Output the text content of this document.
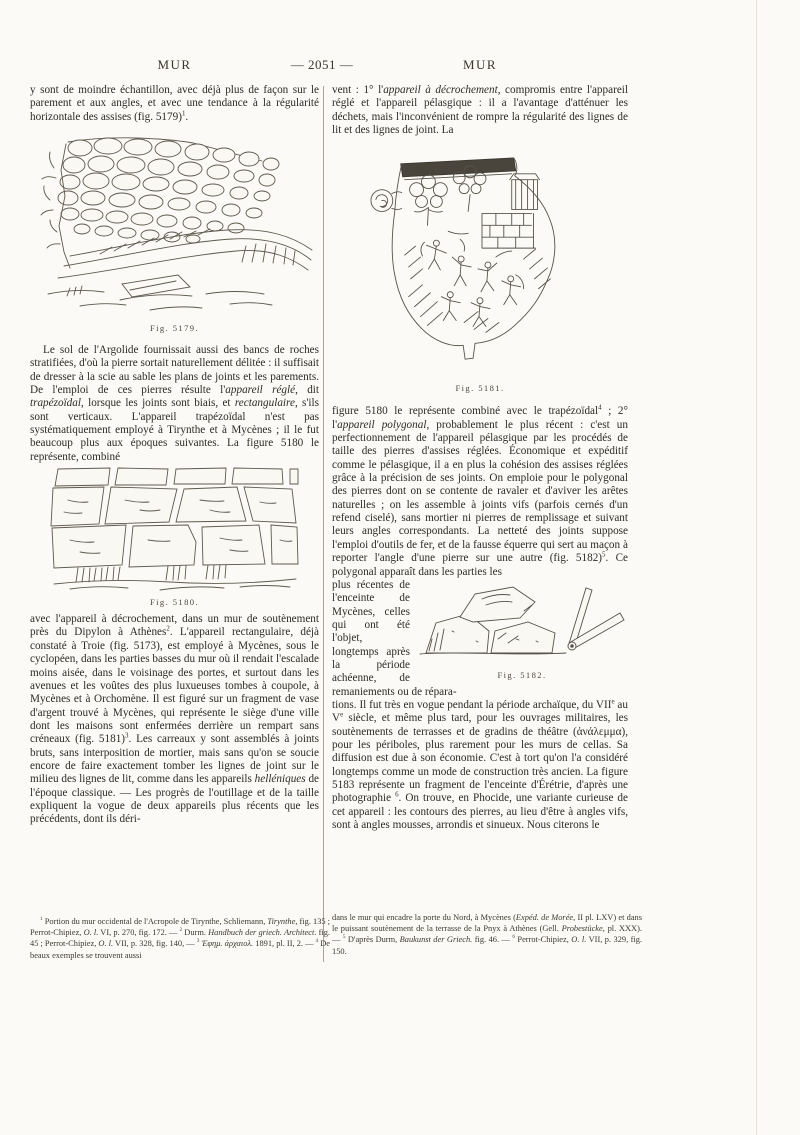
MUR	— 2051 —	MUR

y sont de moindre échantillon, avec déjà plus de façon sur le parement et aux angles, et avec une tendance à la régularité horizontale des assises (fig. 5179)$^1$.

Fig. 5179.

Le sol de l'Argolide fournissait aussi des bancs de roches stratifiées, d'où la pierre sortait naturellement délitée : il suffisait de dresser à la scie au sable les plans de joints et les parements. De l'emploi de ces pierres résulte l'appareil réglé, dit trapézoïdal, lorsque les joints sont biais, et rectangulaire, s'ils sont verticaux. L'appareil trapézoïdal n'est pas systématiquement employé à Tirynthe et à Mycènes ; il le fut beaucoup plus aux époques suivantes. La figure 5180 le représente, combiné

Fig. 5180.

avec l'appareil à décrochement, dans un mur de soutènement près du Dipylon à Athènes$^2$. L'appareil rectangulaire, déjà constaté à Troie (fig. 5173), est employé à Mycènes, sous le cyclopéen, dans les parties basses du mur où il rendait l'escalade moins aisée, dans le voisinage des portes, et surtout dans les avenues et les voûtes des plus luxueuses tombes à coupole, à Mycènes et à Orchomène. Il est figuré sur un fragment de vase d'argent trouvé à Mycènes, qui représente le siège d'une ville dont les maisons sont enfermées derrière un rempart sans créneaux (fig. 5181)$^3$. Les carreaux y sont assemblés à joints bruts, sans interposition de mortier, mais sans qu'on se soucie encore de faire exactement tomber les lignes de joint sur le milieu des lignes de lit, comme dans les appareils helléniques de l'époque classique. — Les progrès de l'outillage et de la taille expliquent la vogue de deux appareils plus récents que les précédents, dont ils déri-

vent : 1° l'appareil à décrochement, compromis entre l'appareil réglé et l'appareil pélasgique : il a l'avantage d'atténuer les déchets, mais l'inconvénient de rompre la régularité des lignes de lit et des lignes de joint. La

Fig. 5181.

figure 5180 le représente combiné avec le trapézoïdal$^4$ ; 2° l'appareil polygonal, probablement le plus récent : c'est un perfectionnement de l'appareil pélasgique par les procédés de taille des pierres d'assises réglées. Économique et expéditif comme le pélasgique, il a en plus la cohésion des assises réglées grâce à la précision de ses joints. On emploie pour le polygonal des pierres dont on se contente de ravaler et d'aviver les arêtes naturelles ; on les assemble à joints vifs (parfois cernés d'un refend ciselé), sans mortier ni pierres de remplissage et suivant leurs angles correspondants. La netteté des joints suppose l'emploi d'outils de fer, et de la fausse équerre qui sert au maçon à reporter l'angle d'une pierre sur une autre (fig. 5182)$^5$. Ce polygonal apparaît dans les parties les

Fig. 5182.

plus récentes de l'enceinte de Mycènes, celles qui ont été l'objet, longtemps après la période achéenne, de remaniements ou de répara-

tions. Il fut très en vogue pendant la période archaïque, du VIIe au Ve siècle, et même plus tard, pour les ouvrages militaires, les soutènements de terrasses et de gradins de théâtre (ἀνάλεμμα), pour les périboles, plus rarement pour les murs de cellas. Sa diffusion est due à son économie. C'est à tort qu'on l'a considéré longtemps comme un mode de construction très ancien. La figure 5183 représente un fragment de l'enceinte d'Érétrie, d'après une photographie $^6$. On trouve, en Phocide, une variante curieuse de cet appareil : les contours des pierres, au lieu d'être à angles vifs, sont à angles mousses, arrondis et sinueux. Nous citerons le

$^1$ Portion du mur occidental de l'Acropole de Tirynthe, Schliemann, Tirynthe, fig. 135 ; Perrot-Chipiez, O. l. VI, p. 270, fig. 172. — $^2$ Durm. Handbuch der griech. Architect. fig. 45 ; Perrot-Chipiez, O. l. VII, p. 328, fig. 140, — $^3$ Ἐφημ. ἀρχαιολ. 1891, pl. II, 2. — $^4$ De beaux exemples se trouvent aussi
dans le mur qui encadre la porte du Nord, à Mycènes (Expéd. de Morée, II pl. LXV) et dans le puissant soutènement de la terrasse de la Pnyx à Athènes (Gell. Probestücke, pl. XXX). — $^5$ D'après Durm, Baukunst der Griech. fig. 46. — $^6$ Perrot-Chipiez, O. l. VII, p. 329, fig. 150.
